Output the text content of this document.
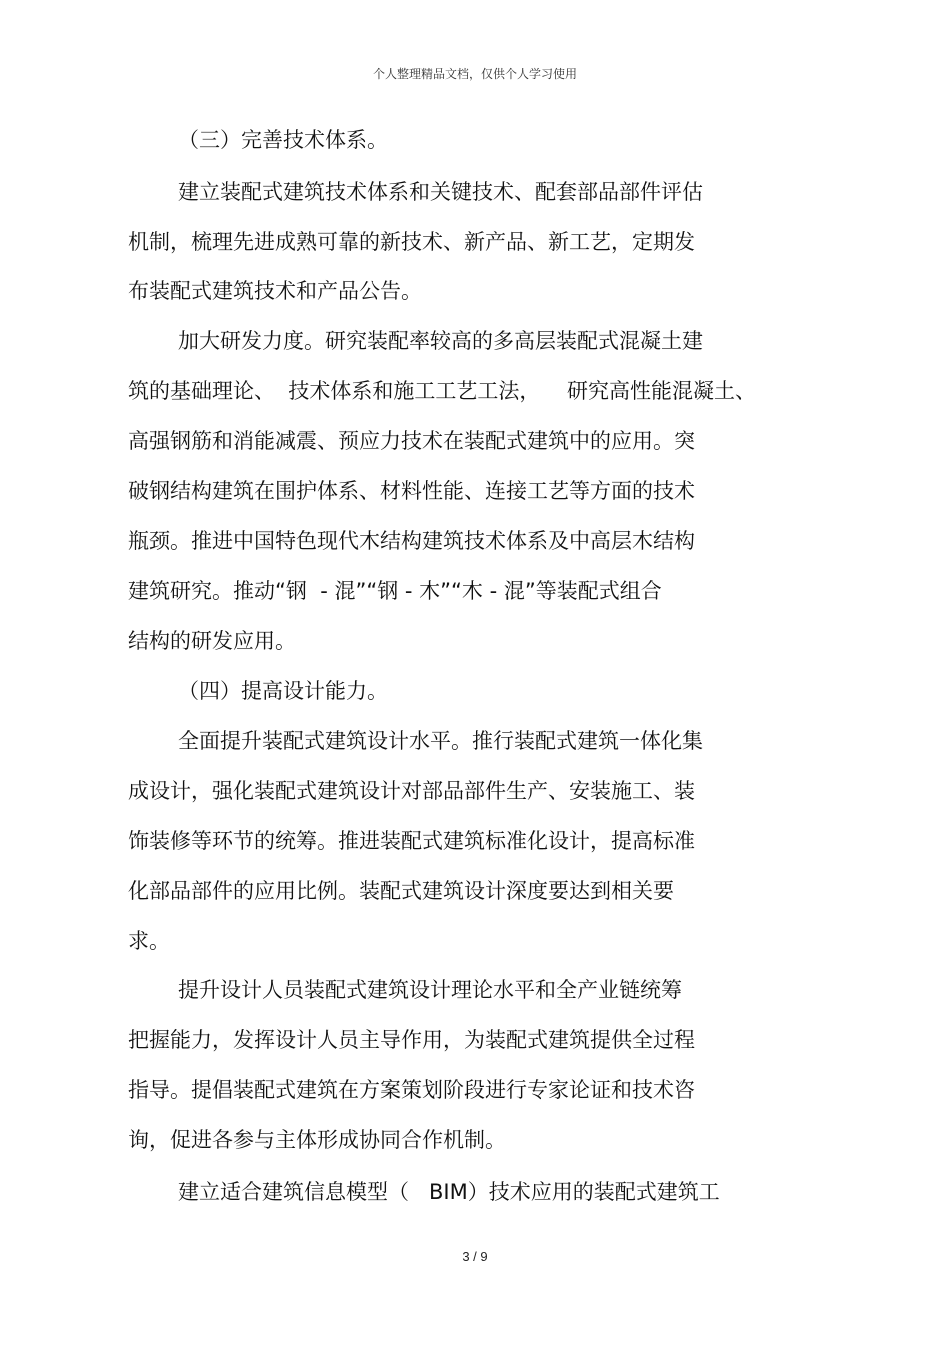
个人整理精品文档，仅供个人学习使用
（三）完善技术体系。
建立装配式建筑技术体系和关键技术、配套部品部件评估
机制，梳理先进成熟可靠的新技术、新产品、新工艺，定期发
布装配式建筑技术和产品公告。
加大研发力度。研究装配率较高的多高层装配式混凝土建
筑的基础理论、  技术体系和施工工艺工法，    研究高性能混凝土、
高强钢筋和消能减震、预应力技术在装配式建筑中的应用。突
破钢结构建筑在围护体系、材料性能、连接工艺等方面的技术
瓶颈。推进中国特色现代木结构建筑技术体系及中高层木结构
建筑研究。推动“钢  - 混”“钢 - 木”“木 - 混”等装配式组合
结构的研发应用。
（四）提高设计能力。
全面提升装配式建筑设计水平。推行装配式建筑一体化集
成设计，强化装配式建筑设计对部品部件生产、安装施工、装
饰装修等环节的统筹。推进装配式建筑标准化设计，提高标准
化部品部件的应用比例。装配式建筑设计深度要达到相关要
求。
提升设计人员装配式建筑设计理论水平和全产业链统筹
把握能力，发挥设计人员主导作用，为装配式建筑提供全过程
指导。提倡装配式建筑在方案策划阶段进行专家论证和技术咨
询，促进各参与主体形成协同合作机制。
建立适合建筑信息模型（   BIM）技术应用的装配式建筑工
3 / 9
